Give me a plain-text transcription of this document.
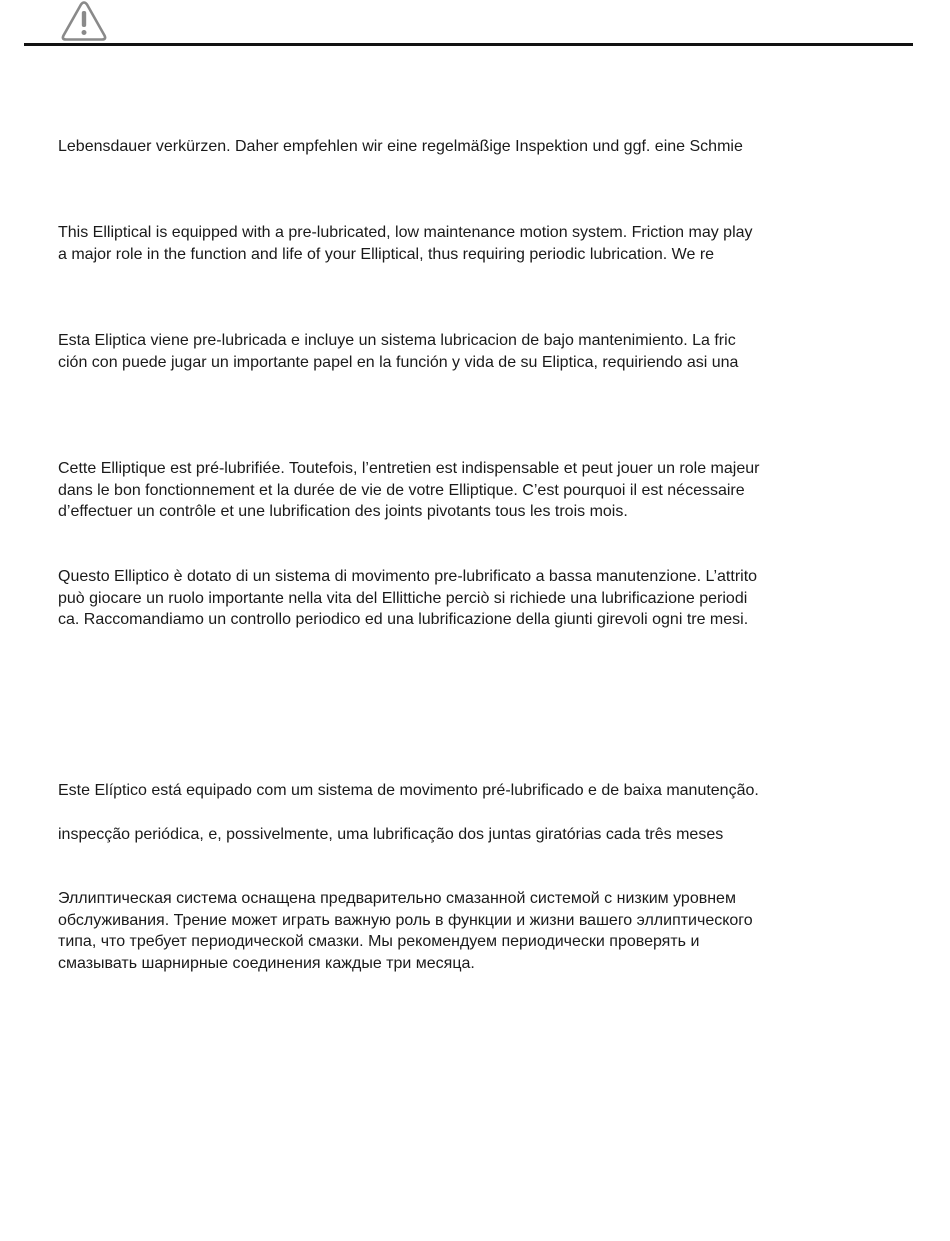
Lebensdauer verkürzen. Daher empfehlen wir eine regelmäßige Inspektion und ggf. eine Schmie

This Elliptical is equipped with a pre-lubricated, low maintenance motion system. Friction may play
a major role in the function and life of your Elliptical, thus requiring periodic lubrication. We re

Esta Eliptica viene pre-lubricada e incluye un sistema lubricacion de bajo mantenimiento. La fric
ción con puede jugar un importante papel en la función y vida de su Eliptica, requiriendo asi una

Cette Elliptique est pré-lubrifiée. Toutefois, l’entretien est indispensable et peut jouer un role majeur
dans le bon fonctionnement et la durée de vie de votre Elliptique. C’est pourquoi il est nécessaire
d’effectuer un contrôle et une lubrification des joints pivotants tous les trois mois.

Questo Elliptico è dotato di un sistema di movimento pre-lubrificato a bassa manutenzione. L’attrito
può giocare un ruolo importante nella vita del Ellittiche perciò si richiede una lubrificazione periodi
ca. Raccomandiamo un controllo periodico ed una lubrificazione della giunti girevoli ogni tre mesi.

Este Elíptico está equipado com um sistema de movimento pré-lubrificado e de baixa manutenção.

inspecção periódica, e, possivelmente, uma lubrificação dos juntas giratórias cada três meses

Эллиптическая система оснащена предварительно смазанной системой с низким уровнем
обслуживания. Трение может играть важную роль в функции и жизни вашего эллиптического
типа, что требует периодической смазки. Мы рекомендуем периодически проверять и
смазывать шарнирные соединения каждые три месяца.
